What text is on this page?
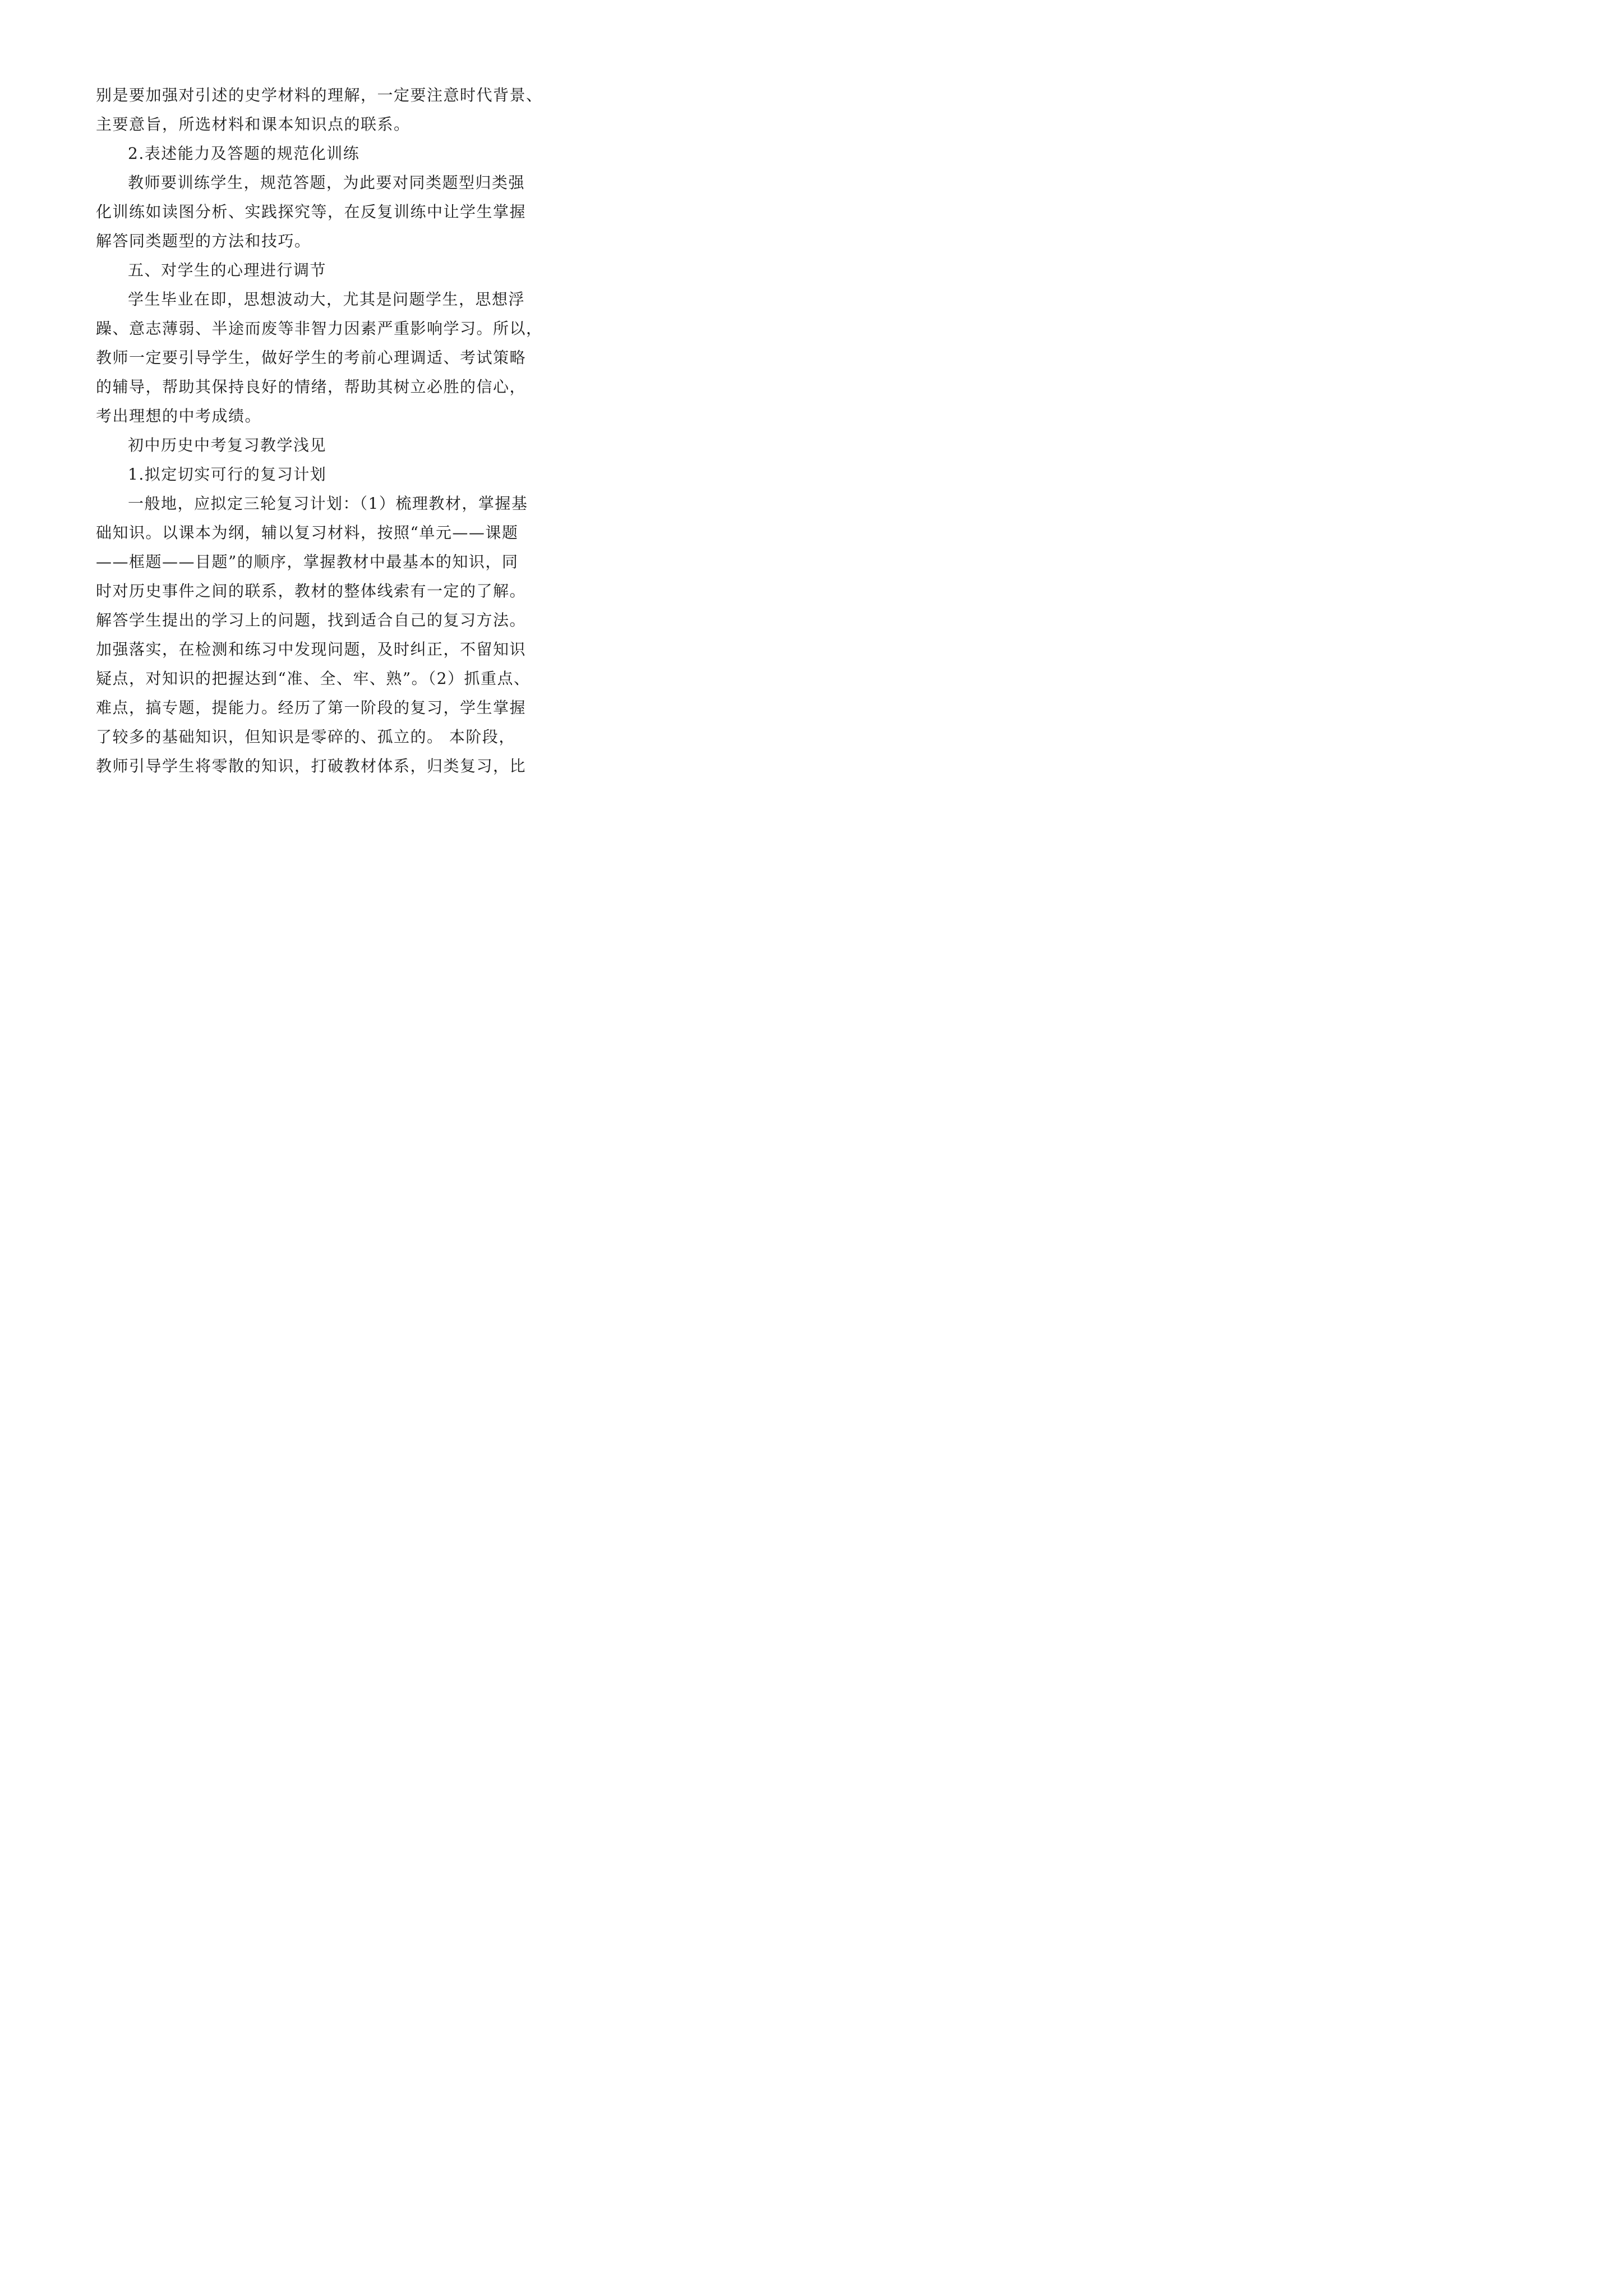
别是要加强对引述的史学材料的理解，一定要注意时代背景、
主要意旨，所选材料和课本知识点的联系。
2.表述能力及答题的规范化训练
教师要训练学生，规范答题，为此要对同类题型归类强
化训练如读图分析、实践探究等，在反复训练中让学生掌握
解答同类题型的方法和技巧。
五、对学生的心理进行调节
学生毕业在即，思想波动大，尤其是问题学生，思想浮
躁、意志薄弱、半途而废等非智力因素严重影响学习。所以，
教师一定要引导学生，做好学生的考前心理调适、考试策略
的辅导，帮助其保持良好的情绪，帮助其树立必胜的信心，
考出理想的中考成绩。
初中历史中考复习教学浅见
1.拟定切实可行的复习计划
一般地，应拟定三轮复习计划：（1）梳理教材，掌握基
础知识。以课本为纲，辅以复习材料，按照“单元——课题
——框题——目题”的顺序，掌握教材中最基本的知识，同
时对历史事件之间的联系，教材的整体线索有一定的了解。
解答学生提出的学习上的问题，找到适合自己的复习方法。
加强落实，在检测和练习中发现问题，及时纠正，不留知识
疑点，对知识的把握达到“准、全、牢、熟”。（2）抓重点、
难点，搞专题，提能力。经历了第一阶段的复习，学生掌握
了较多的基础知识，但知识是零碎的、孤立的。 本阶段，
教师引导学生将零散的知识，打破教材体系，归类复习，比
